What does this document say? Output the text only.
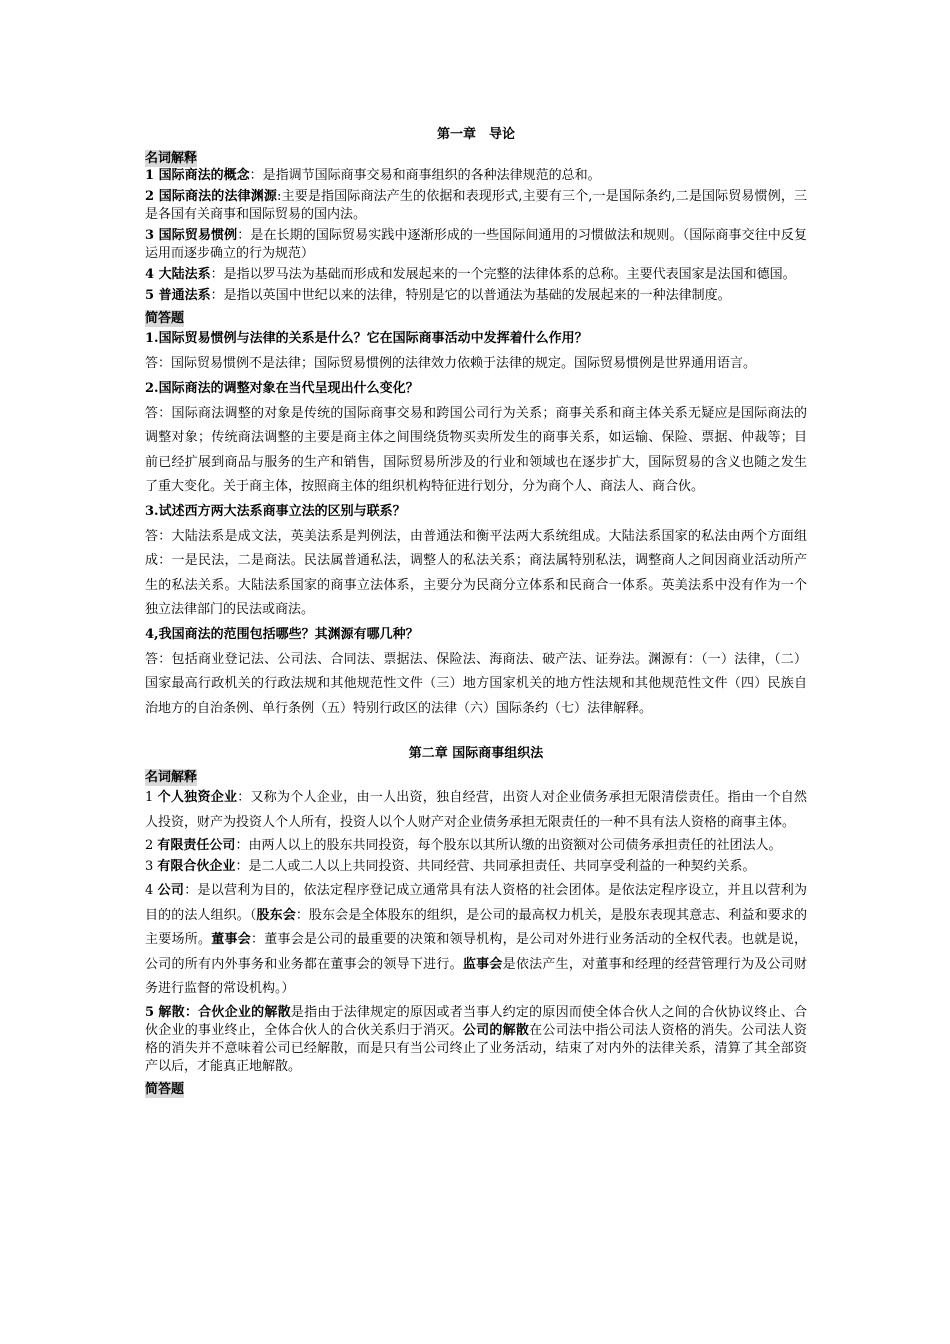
第一章　导论
名词解释

1 国际商法的概念：是指调节国际商事交易和商事组织的各种法律规范的总和。

2 国际商法的法律渊源:主要是指国际商法产生的依据和表现形式,主要有三个,一是国际条约,二是国际贸易惯例，三是各国有关商事和国际贸易的国内法。

3 国际贸易惯例：是在长期的国际贸易实践中逐渐形成的一些国际间通用的习惯做法和规则。（国际商事交往中反复运用而逐步确立的行为规范）

4 大陆法系：是指以罗马法为基础而形成和发展起来的一个完整的法律体系的总称。主要代表国家是法国和德国。

5 普通法系：是指以英国中世纪以来的法律，特别是它的以普通法为基础的发展起来的一种法律制度。

简答题

1.国际贸易惯例与法律的关系是什么？它在国际商事活动中发挥着什么作用？

答：国际贸易惯例不是法律；国际贸易惯例的法律效力依赖于法律的规定。国际贸易惯例是世界通用语言。

2.国际商法的调整对象在当代呈现出什么变化？

答：国际商法调整的对象是传统的国际商事交易和跨国公司行为关系；商事关系和商主体关系无疑应是国际商法的调整对象；传统商法调整的主要是商主体之间围绕货物买卖所发生的商事关系，如运输、保险、票据、仲裁等；目前已经扩展到商品与服务的生产和销售，国际贸易所涉及的行业和领域也在逐步扩大，国际贸易的含义也随之发生了重大变化。关于商主体，按照商主体的组织机构特征进行划分，分为商个人、商法人、商合伙。

3.试述西方两大法系商事立法的区别与联系？

答：大陆法系是成文法，英美法系是判例法，由普通法和衡平法两大系统组成。大陆法系国家的私法由两个方面组成：一是民法，二是商法。民法属普通私法，调整人的私法关系；商法属特别私法，调整商人之间因商业活动所产生的私法关系。大陆法系国家的商事立法体系，主要分为民商分立体系和民商合一体系。英美法系中没有作为一个独立法律部门的民法或商法。

4,我国商法的范围包括哪些？其渊源有哪几种？

答：包括商业登记法、公司法、合同法、票据法、保险法、海商法、破产法、证券法。渊源有：（一）法律，（二）国家最高行政机关的行政法规和其他规范性文件（三）地方国家机关的地方性法规和其他规范性文件（四）民族自治地方的自治条例、单行条例（五）特别行政区的法律（六）国际条约（七）法律解释。

第二章 国际商事组织法
名词解释

1 个人独资企业：又称为个人企业，由一人出资，独自经营，出资人对企业债务承担无限清偿责任。指由一个自然人投资，财产为投资人个人所有，投资人以个人财产对企业债务承担无限责任的一种不具有法人资格的商事主体。

2 有限责任公司：由两人以上的股东共同投资，每个股东以其所认缴的出资额对公司债务承担责任的社团法人。

3 有限合伙企业：是二人或二人以上共同投资、共同经营、共同承担责任、共同享受利益的一种契约关系。

4 公司：是以营利为目的，依法定程序登记成立通常具有法人资格的社会团体。是依法定程序设立，并且以营利为目的的法人组织。（股东会：股东会是全体股东的组织，是公司的最高权力机关，是股东表现其意志、利益和要求的主要场所。董事会：董事会是公司的最重要的决策和领导机构，是公司对外进行业务活动的全权代表。也就是说，公司的所有内外事务和业务都在董事会的领导下进行。监事会是依法产生，对董事和经理的经营管理行为及公司财务进行监督的常设机构。）

5 解散：合伙企业的解散是指由于法律规定的原因或者当事人约定的原因而使全体合伙人之间的合伙协议终止、合伙企业的事业终止，全体合伙人的合伙关系归于消灭。公司的解散在公司法中指公司法人资格的消失。公司法人资格的消失并不意味着公司已经解散，而是只有当公司终止了业务活动，结束了对内外的法律关系，清算了其全部资产以后，才能真正地解散。

简答题
